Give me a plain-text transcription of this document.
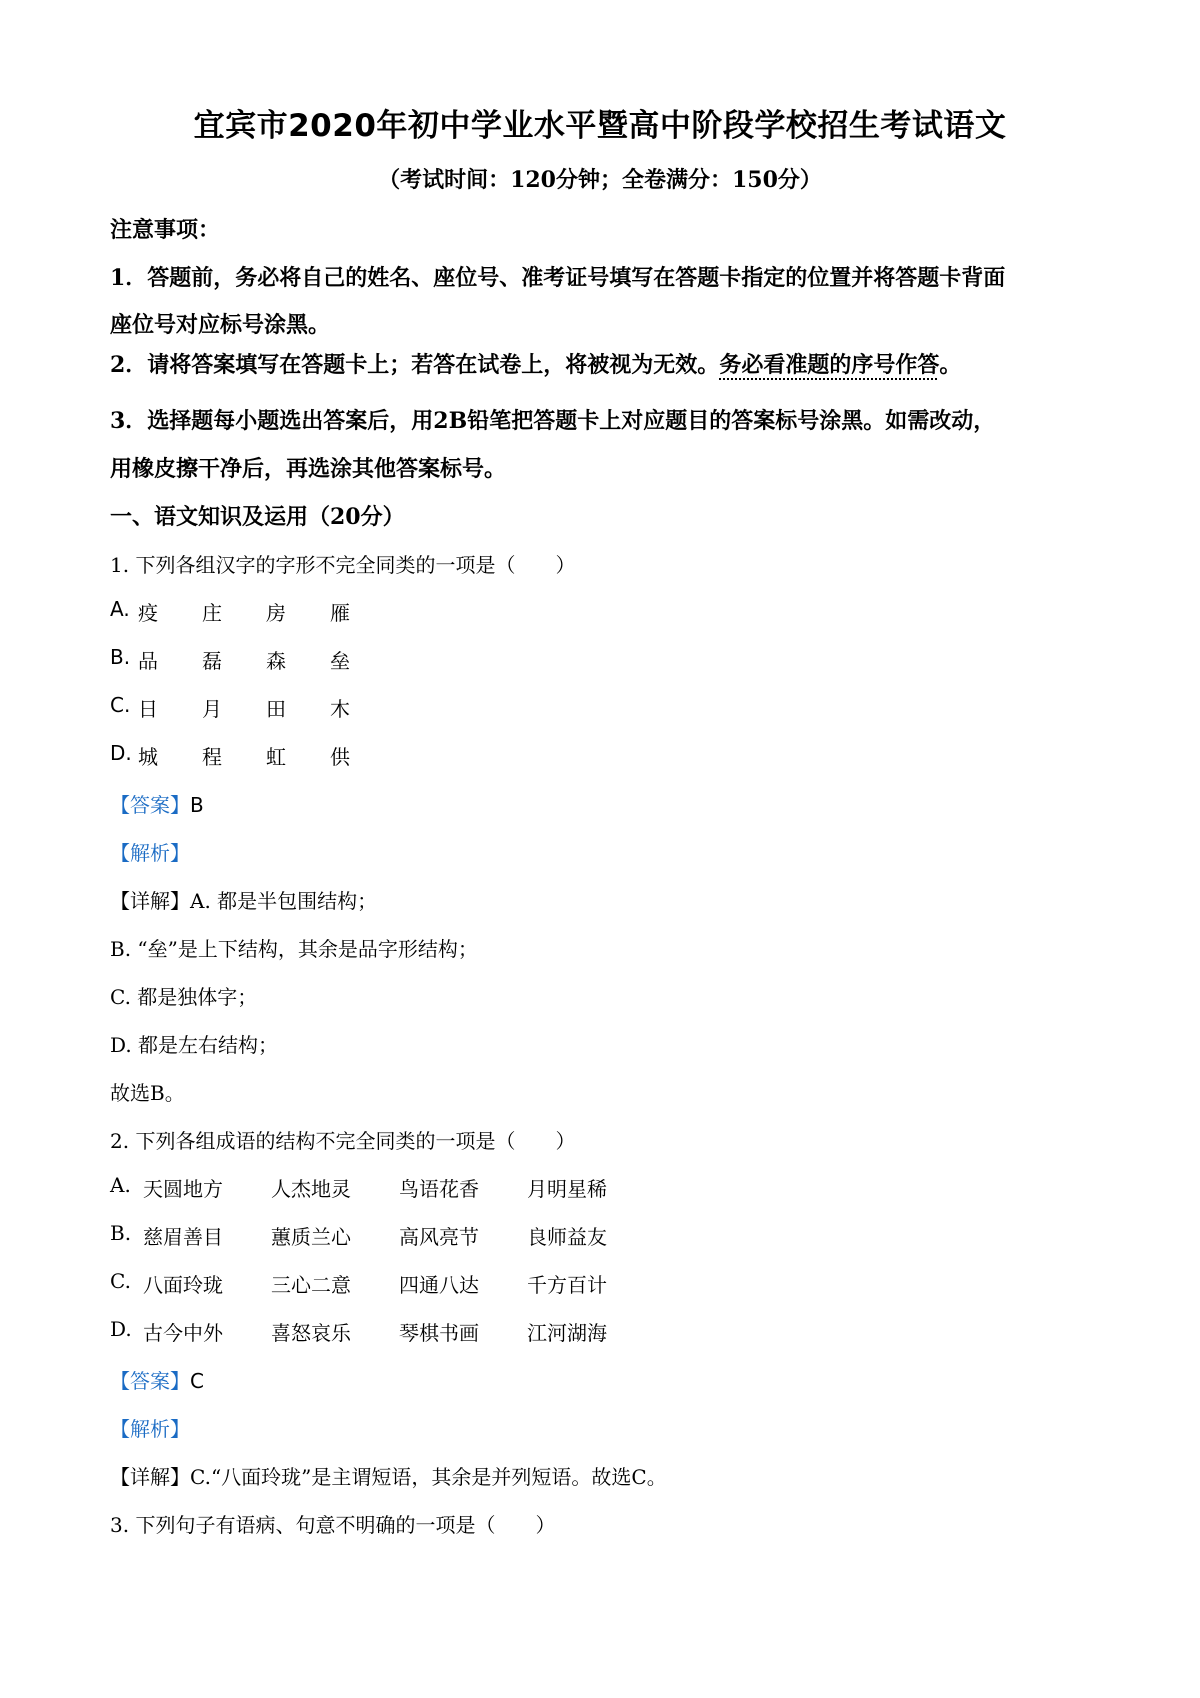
宜宾市2020年初中学业水平暨高中阶段学校招生考试语文
（考试时间：120分钟；全卷满分：150分）
注意事项：
1．答题前，务必将自己的姓名、座位号、准考证号填写在答题卡指定的位置并将答题卡背面
座位号对应标号涂黑。
2．请将答案填写在答题卡上；若答在试卷上，将被视为无效。务必看准题的序号作答。
3．选择题每小题选出答案后，用2B铅笔把答题卡上对应题目的答案标号涂黑。如需改动，
用橡皮擦干净后，再选涂其他答案标号。
一、语文知识及运用（20分）
1. 下列各组汉字的字形不完全同类的一项是（　　）
A. 疫 庄 房 雁
B. 品 磊 森 垒
C. 日 月 田 木
D. 城 程 虹 供
【答案】B
【解析】
【详解】A. 都是半包围结构；
B. “垒”是上下结构，其余是品字形结构；
C. 都是独体字；
D. 都是左右结构；
故选B。
2. 下列各组成语的结构不完全同类的一项是（　　）
A. 天圆地方 人杰地灵 鸟语花香 月明星稀
B. 慈眉善目 蕙质兰心 高风亮节 良师益友
C. 八面玲珑 三心二意 四通八达 千方百计
D. 古今中外 喜怒哀乐 琴棋书画 江河湖海
【答案】C
【解析】
【详解】C.“八面玲珑”是主谓短语，其余是并列短语。故选C。
3. 下列句子有语病、句意不明确的一项是（　　）
